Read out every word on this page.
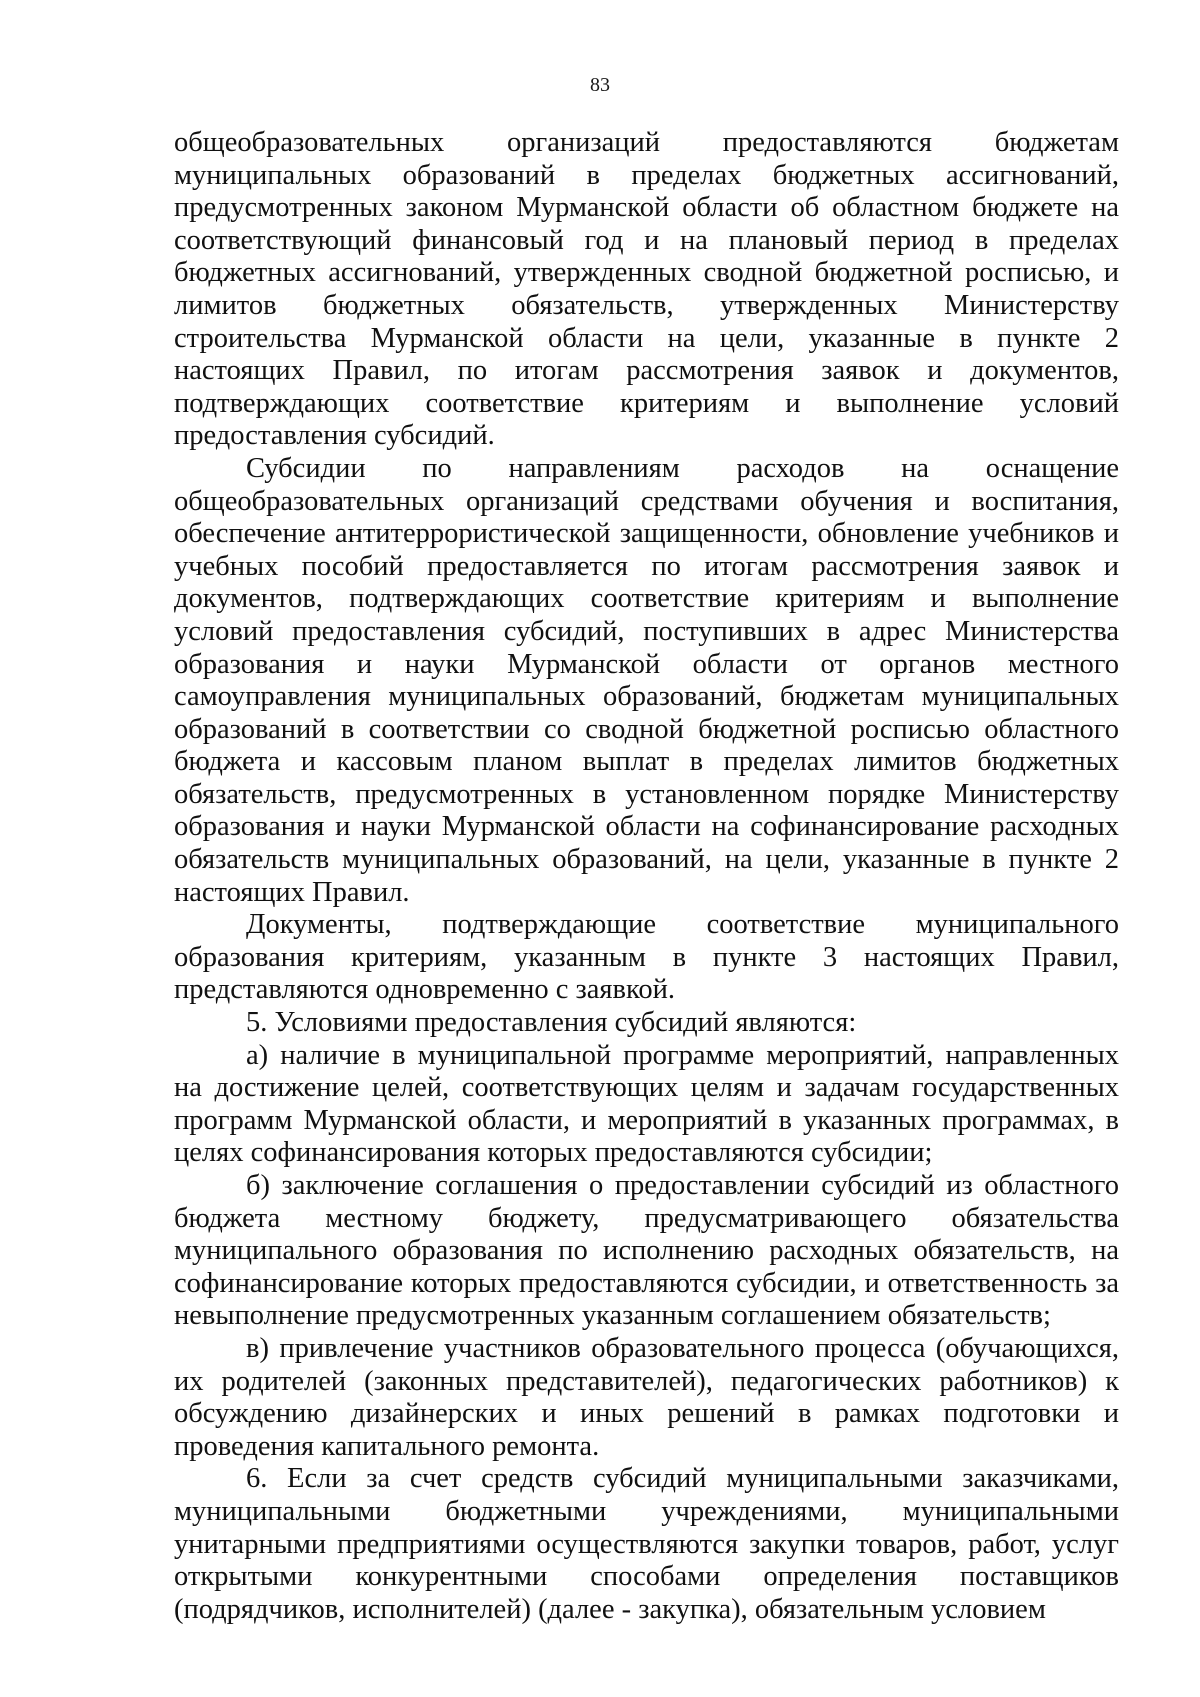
83

общеобразовательных организаций предоставляются бюджетам муниципальных образований в пределах бюджетных ассигнований, предусмотренных законом Мурманской области об областном бюджете на соответствующий финансовый год и на плановый период в пределах бюджетных ассигнований, утвержденных сводной бюджетной росписью, и лимитов бюджетных обязательств, утвержденных Министерству строительства Мурманской области на цели, указанные в пункте 2 настоящих Правил, по итогам рассмотрения заявок и документов, подтверждающих соответствие критериям и выполнение условий предоставления субсидий.

Субсидии по направлениям расходов на оснащение общеобразовательных организаций средствами обучения и воспитания, обеспечение антитеррористической защищенности, обновление учебников и учебных пособий предоставляется по итогам рассмотрения заявок и документов, подтверждающих соответствие критериям и выполнение условий предоставления субсидий, поступивших в адрес Министерства образования и науки Мурманской области от органов местного самоуправления муниципальных образований, бюджетам муниципальных образований в соответствии со сводной бюджетной росписью областного бюджета и кассовым планом выплат в пределах лимитов бюджетных обязательств, предусмотренных в установленном порядке Министерству образования и науки Мурманской области на софинансирование расходных обязательств муниципальных образований, на цели, указанные в пункте 2 настоящих Правил.

Документы, подтверждающие соответствие муниципального образования критериям, указанным в пункте 3 настоящих Правил, представляются одновременно с заявкой.

5. Условиями предоставления субсидий являются:

а) наличие в муниципальной программе мероприятий, направленных на достижение целей, соответствующих целям и задачам государственных программ Мурманской области, и мероприятий в указанных программах, в целях софинансирования которых предоставляются субсидии;

б) заключение соглашения о предоставлении субсидий из областного бюджета местному бюджету, предусматривающего обязательства муниципального образования по исполнению расходных обязательств, на софинансирование которых предоставляются субсидии, и ответственность за невыполнение предусмотренных указанным соглашением обязательств;

в) привлечение участников образовательного процесса (обучающихся, их родителей (законных представителей), педагогических работников) к обсуждению дизайнерских и иных решений в рамках подготовки и проведения капитального ремонта.

6. Если за счет средств субсидий муниципальными заказчиками, муниципальными бюджетными учреждениями, муниципальными унитарными предприятиями осуществляются закупки товаров, работ, услуг открытыми конкурентными способами определения поставщиков (подрядчиков, исполнителей) (далее - закупка), обязательным условием
